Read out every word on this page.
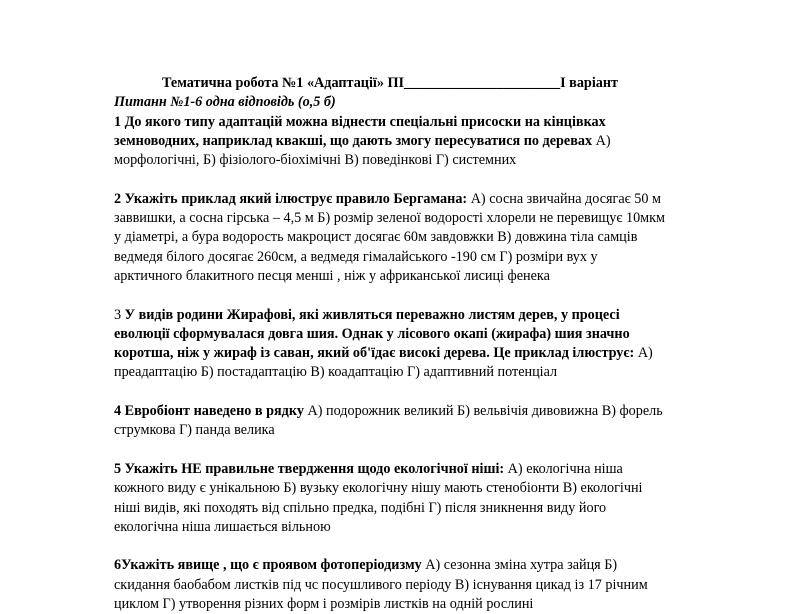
Тематична робота №1 «Адаптації» ПІ______________________І варіант
Питанн №1-6 одна відповідь (о,5 б)
1 До якого типу адаптацій можна віднести спеціальні присоски на кінцівках
земноводних, наприклад квакші, що дають змогу пересуватися по деревах А)
морфологічні, Б) фізіолого-біохімічні В) поведінкові Г) системних
2 Укажіть приклад який ілюструє правило Бергамана: А) сосна звичайна досягає 50 м
заввишки, а сосна гірська – 4,5 м Б) розмір зеленої водорості хлорели не перевищує 10мкм
у діаметрі, а бура водорость макроцист досягає 60м завдовжки В) довжина тіла самців
ведмедя білого досягає 260см, а ведмедя гімалайського -190 см Г) розміри вух у
арктичного блакитного песця менші , ніж у африканської лисиці фенека
3 У видів родини Жирафові, які живляться переважно листям дерев, у процесі
еволюції сформувалася довга шия. Однак у лісового окапі (жирафа) шия значно
коротша, ніж у жираф із саван, який об'їдає високі дерева. Це приклад ілюструє: А)
преадаптацію Б) постадаптацію В) коадаптацію Г) адаптивний потенціал
4 Евробіонт наведено в рядку А) подорожник великий Б) вельвічія дивовижна В) форель
струмкова Г) панда велика
5 Укажіть НЕ правильне твердження щодо екологічної ніші: А) екологічна ніша
кожного виду є унікальною Б) вузьку екологічну нішу мають стенобіонти В) екологічні
ніші видів, які походять від спільно предка, подібні Г) після зникнення виду його
екологічна ніша лишається вільною
6Укажіть явище , що є проявом фотоперіодизму А) сезонна зміна хутра зайця Б)
скидання баобабом листків під чс посушливого періоду В) існування цикад із 17 річним
циклом Г) утворення різних форм і розмірів листків на одній рослині
